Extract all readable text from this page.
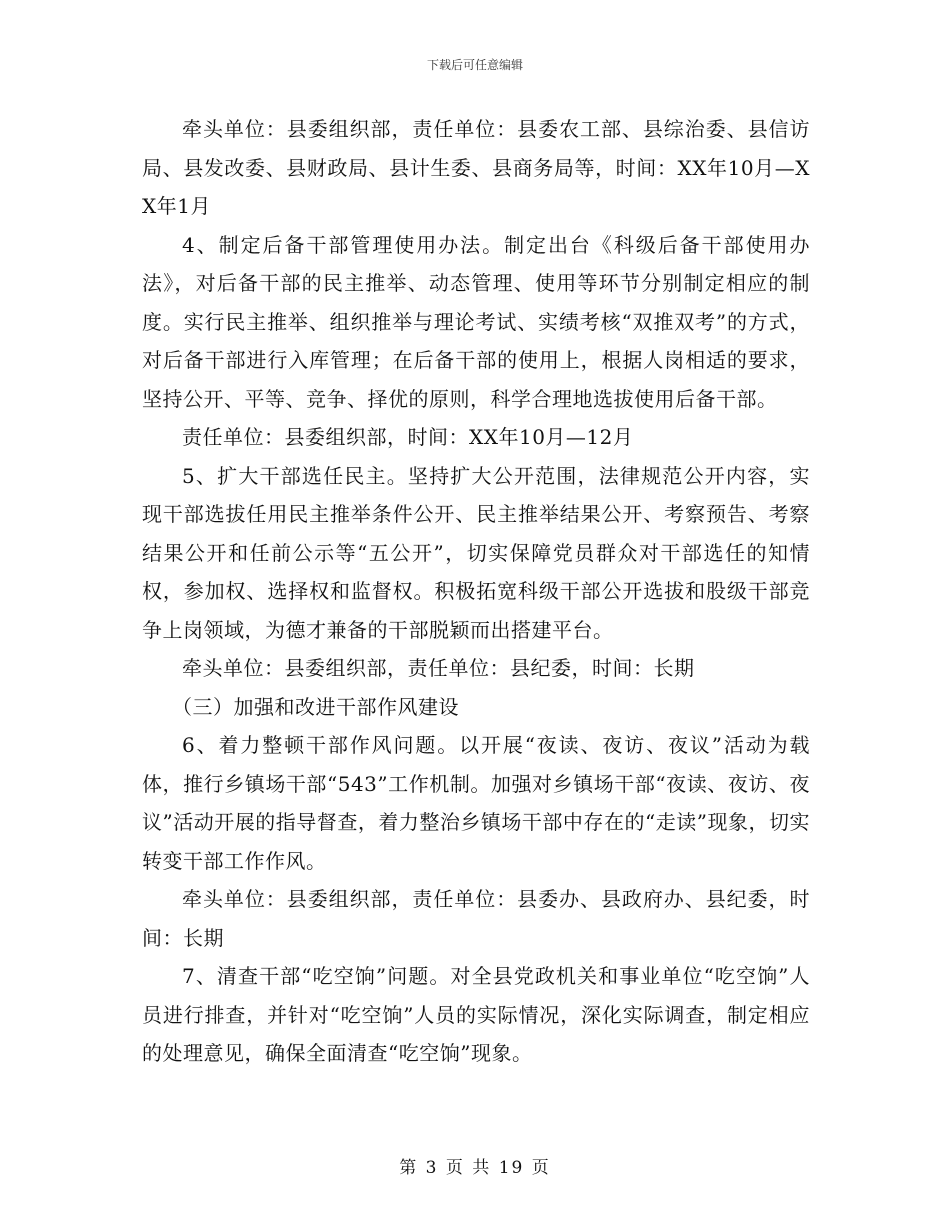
下载后可任意编辑

牵头单位：县委组织部，责任单位：县委农工部、县综治委、县信访局、县发改委、县财政局、县计生委、县商务局等，时间：XX年10月—XX年1月

4、制定后备干部管理使用办法。制定出台《科级后备干部使用办法》，对后备干部的民主推举、动态管理、使用等环节分别制定相应的制度。实行民主推举、组织推举与理论考试、实绩考核“双推双考”的方式，对后备干部进行入库管理；在后备干部的使用上，根据人岗相适的要求，坚持公开、平等、竞争、择优的原则，科学合理地选拔使用后备干部。

责任单位：县委组织部，时间：XX年10月—12月

5、扩大干部选任民主。坚持扩大公开范围，法律规范公开内容，实现干部选拔任用民主推举条件公开、民主推举结果公开、考察预告、考察结果公开和任前公示等“五公开”，切实保障党员群众对干部选任的知情权，参加权、选择权和监督权。积极拓宽科级干部公开选拔和股级干部竞争上岗领域，为德才兼备的干部脱颖而出搭建平台。

牵头单位：县委组织部，责任单位：县纪委，时间：长期

（三）加强和改进干部作风建设

6、着力整顿干部作风问题。以开展“夜读、夜访、夜议”活动为载体，推行乡镇场干部“543”工作机制。加强对乡镇场干部“夜读、夜访、夜议”活动开展的指导督查，着力整治乡镇场干部中存在的“走读”现象，切实转变干部工作作风。

牵头单位：县委组织部，责任单位：县委办、县政府办、县纪委，时间：长期

7、清查干部“吃空饷”问题。对全县党政机关和事业单位“吃空饷”人员进行排查，并针对“吃空饷”人员的实际情况，深化实际调查，制定相应的处理意见，确保全面清查“吃空饷”现象。

第 3 页 共 19 页
